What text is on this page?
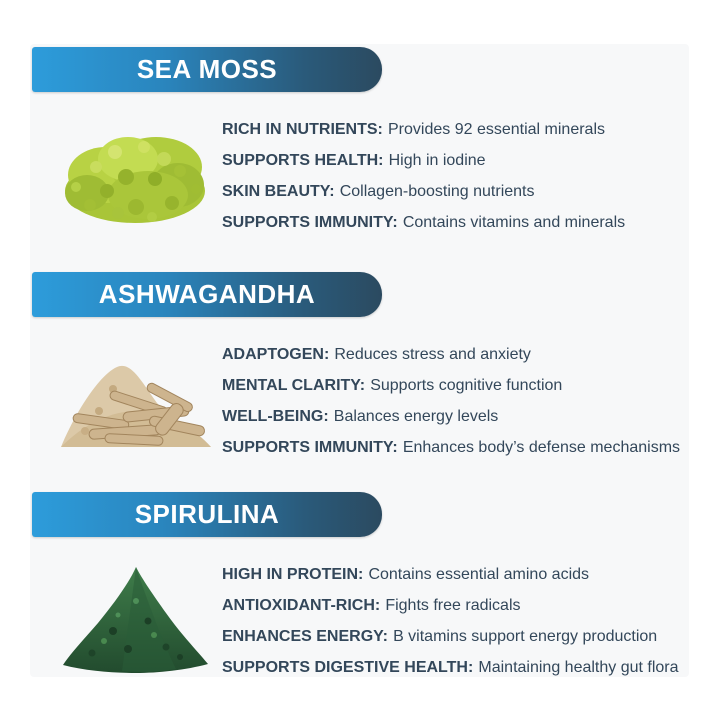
SEA MOSS
RICH IN NUTRIENTS: Provides 92 essential minerals
SUPPORTS HEALTH: High in iodine
SKIN BEAUTY: Collagen-boosting nutrients
SUPPORTS IMMUNITY: Contains vitamins and minerals
ASHWAGANDHA
ADAPTOGEN: Reduces stress and anxiety
MENTAL CLARITY: Supports cognitive function
WELL-BEING: Balances energy levels
SUPPORTS IMMUNITY: Enhances body’s defense mechanisms
SPIRULINA
HIGH IN PROTEIN: Contains essential amino acids
ANTIOXIDANT-RICH: Fights free radicals
ENHANCES ENERGY: B vitamins support energy production
SUPPORTS DIGESTIVE HEALTH: Maintaining healthy gut flora
